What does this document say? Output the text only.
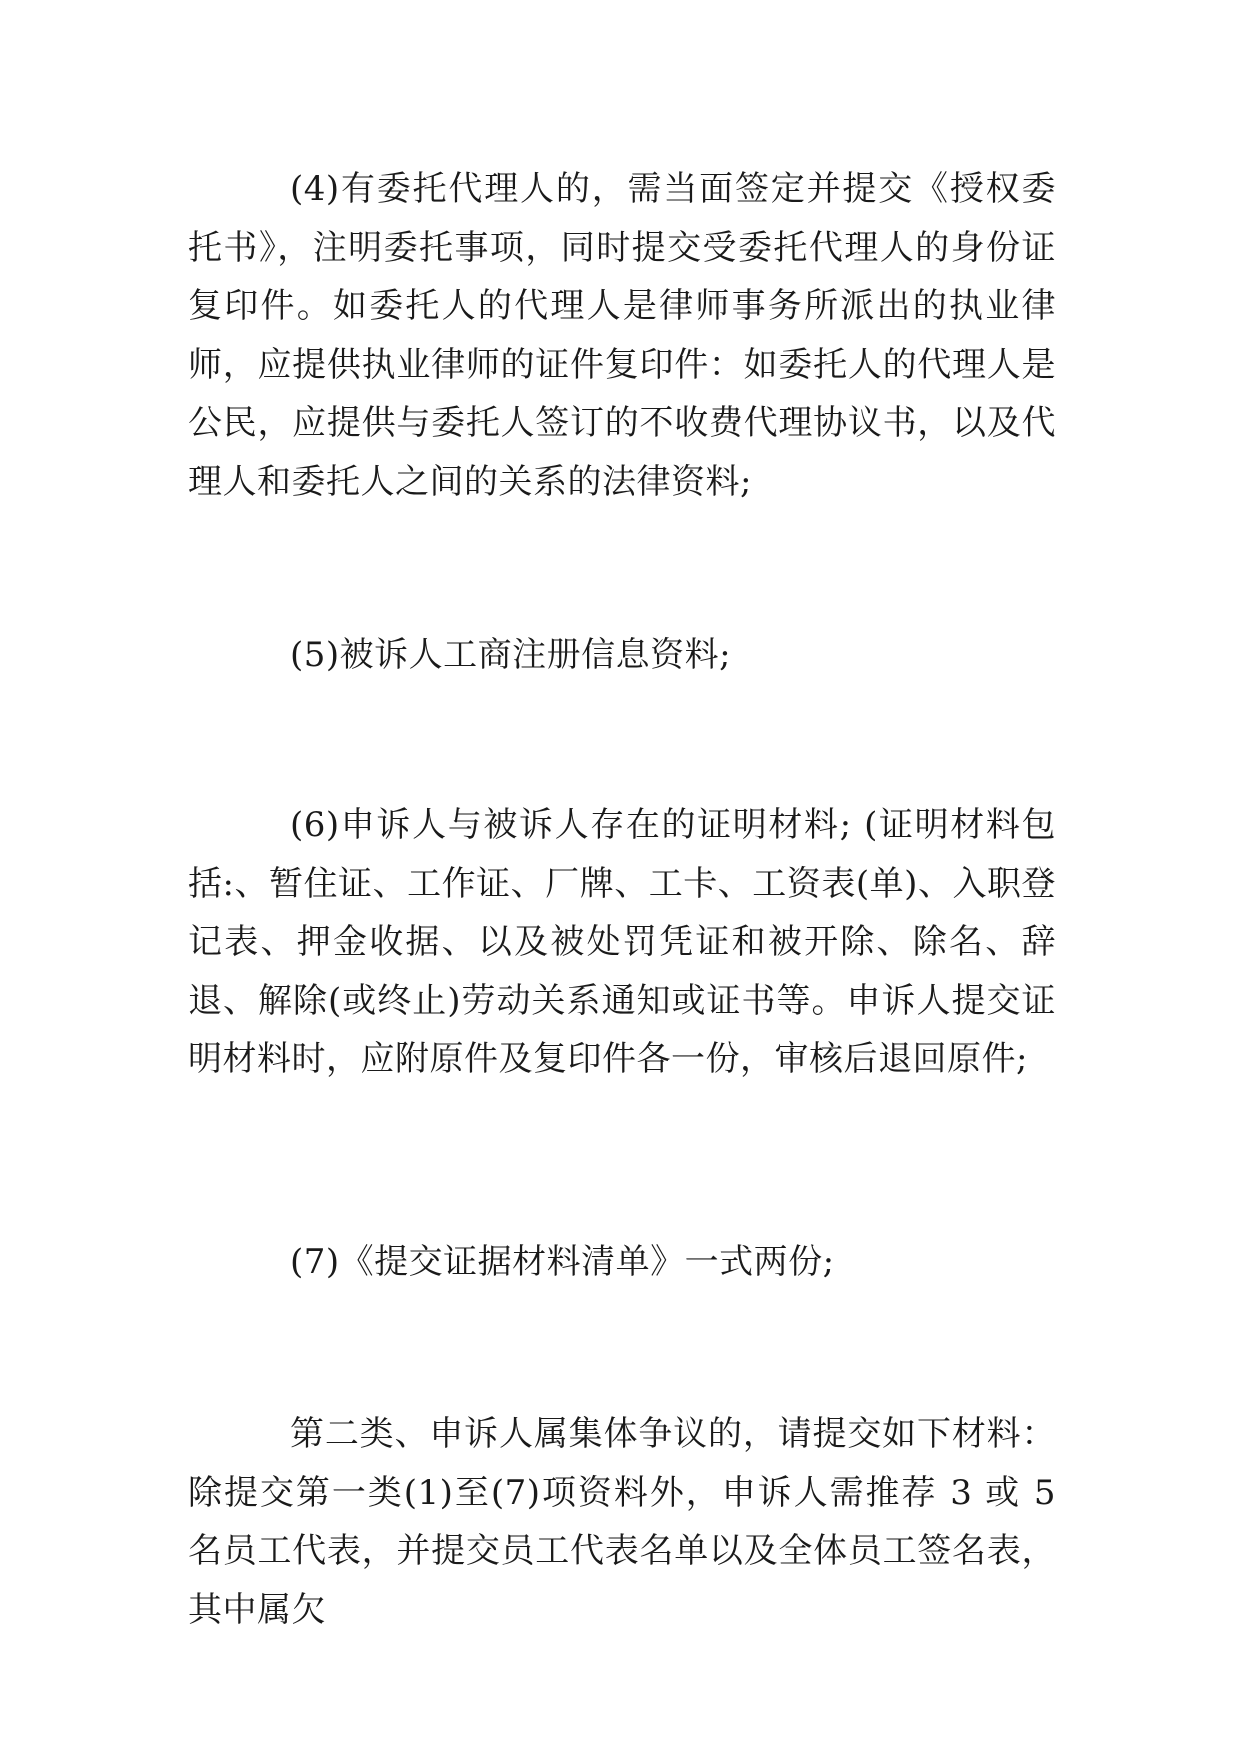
(4)有委托代理人的，需当面签定并提交《授权委托书》，注明委托事项，同时提交受委托代理人的身份证复印件。如委托人的代理人是律师事务所派出的执业律 师，应提供执业律师的证件复印件：如委托人的代理人是公民，应提供与委托人签订的不收费代理协议书，以及代理人和委托人之间的关系的法律资料;

(5)被诉人工商注册信息资料;

(6)申诉人与被诉人存在的证明材料; (证明材料包括:、暂住证、工作证、厂牌、工卡、工资表(单)、入职登记表、押金收据、以及被处罚凭证和被开除、除名、辞退、解除(或终止)劳动关系通知或证书等。申诉人提交证明材料时，应附原件及复印件各一份，审核后退回原件;

(7)《提交证据材料清单》一式两份;

第二类、申诉人属集体争议的，请提交如下材料：除提交第一类(1)至(7)项资料外，申诉人需推荐 3 或 5 名员工代表，并提交员工代表名单以及全体员工签名表，其中属欠
